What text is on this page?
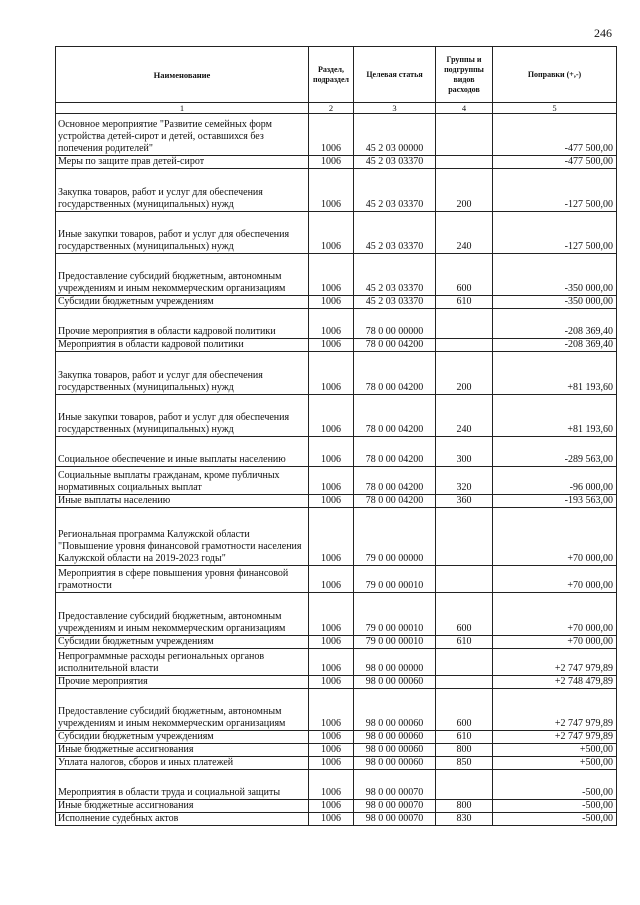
246
Наименование	Раздел, подраздел	Целевая статья	Группы и подгруппы видов расходов	Поправки (+,-)
1	2	3	4	5
Основное мероприятие "Развитие семейных форм устройства детей-сирот и детей, оставшихся без попечения родителей"	1006	45 2 03 00000		-477 500,00
Меры по защите прав детей-сирот	1006	45 2 03 03370		-477 500,00
Закупка товаров, работ и услуг для обеспечения государственных (муниципальных) нужд	1006	45 2 03 03370	200	-127 500,00
Иные закупки товаров, работ и услуг для обеспечения государственных (муниципальных) нужд	1006	45 2 03 03370	240	-127 500,00
Предоставление субсидий бюджетным, автономным учреждениям и иным некоммерческим организациям	1006	45 2 03 03370	600	-350 000,00
Субсидии бюджетным учреждениям	1006	45 2 03 03370	610	-350 000,00
Прочие мероприятия в области кадровой политики	1006	78 0 00 00000		-208 369,40
Мероприятия в области кадровой политики	1006	78 0 00 04200		-208 369,40
Закупка товаров, работ и услуг для обеспечения государственных (муниципальных) нужд	1006	78 0 00 04200	200	+81 193,60
Иные закупки товаров, работ и услуг для обеспечения государственных (муниципальных) нужд	1006	78 0 00 04200	240	+81 193,60
Социальное обеспечение и иные выплаты населению	1006	78 0 00 04200	300	-289 563,00
Социальные выплаты гражданам, кроме публичных нормативных социальных выплат	1006	78 0 00 04200	320	-96 000,00
Иные выплаты населению	1006	78 0 00 04200	360	-193 563,00
Региональная программа Калужской области "Повышение уровня финансовой грамотности населения Калужской области на 2019-2023 годы"	1006	79 0 00 00000		+70 000,00
Мероприятия в сфере повышения уровня финансовой грамотности	1006	79 0 00 00010		+70 000,00
Предоставление субсидий бюджетным, автономным учреждениям и иным некоммерческим организациям	1006	79 0 00 00010	600	+70 000,00
Субсидии бюджетным учреждениям	1006	79 0 00 00010	610	+70 000,00
Непрограммные расходы региональных органов исполнительной власти	1006	98 0 00 00000		+2 747 979,89
Прочие мероприятия	1006	98 0 00 00060		+2 748 479,89
Предоставление субсидий бюджетным, автономным учреждениям и иным некоммерческим организациям	1006	98 0 00 00060	600	+2 747 979,89
Субсидии бюджетным учреждениям	1006	98 0 00 00060	610	+2 747 979,89
Иные бюджетные ассигнования	1006	98 0 00 00060	800	+500,00
Уплата налогов, сборов и иных платежей	1006	98 0 00 00060	850	+500,00
Мероприятия в области труда и социальной защиты	1006	98 0 00 00070		-500,00
Иные бюджетные ассигнования	1006	98 0 00 00070	800	-500,00
Исполнение судебных актов	1006	98 0 00 00070	830	-500,00
